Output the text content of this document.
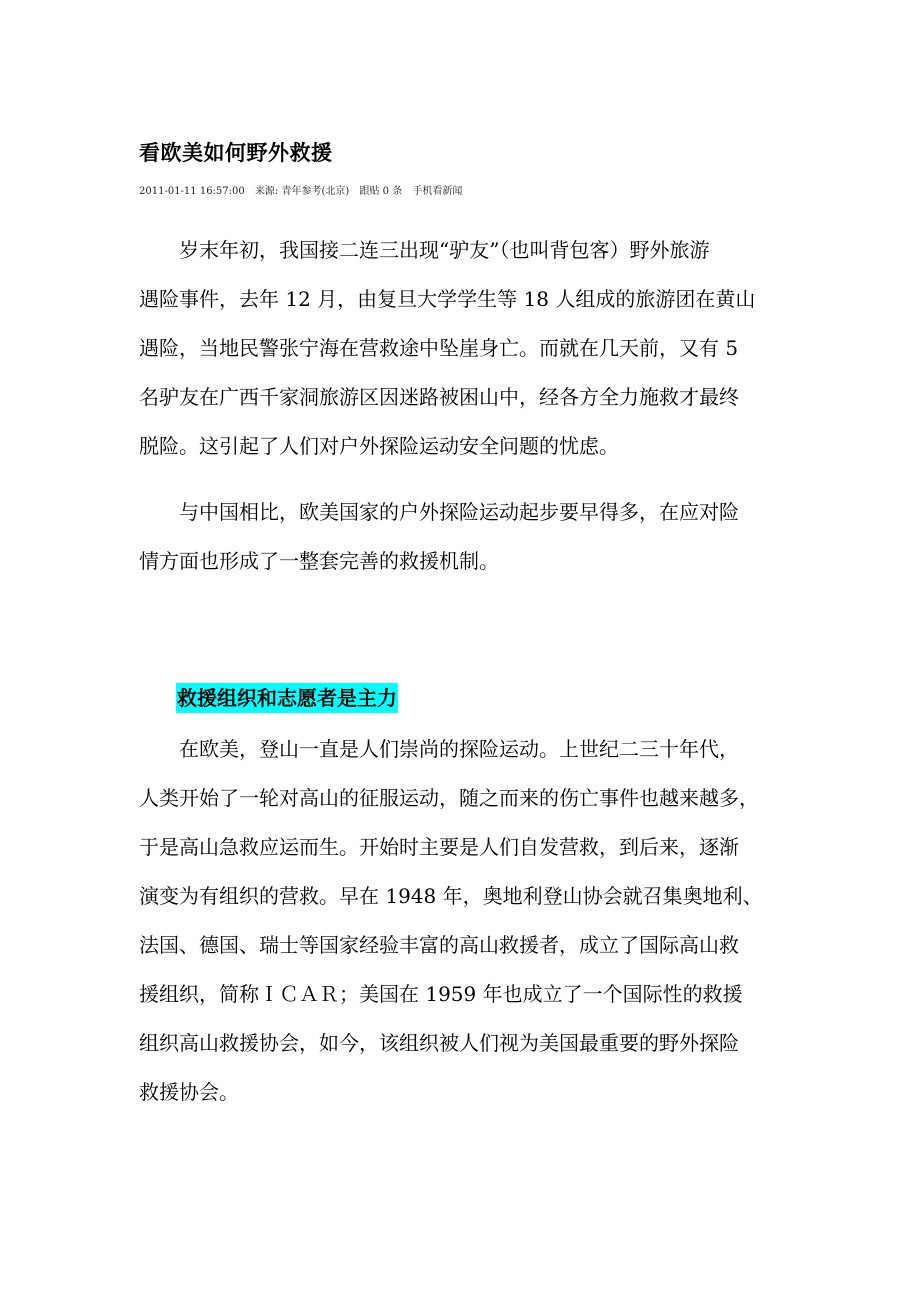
看欧美如何野外救援
2011-01-11 16:57:00 来源: 青年参考(北京) 跟贴 0 条 手机看新闻

　　岁末年初，我国接二连三出现“驴友”（也叫背包客）野外旅游
遇险事件，去年 12 月，由复旦大学学生等 18 人组成的旅游团在黄山
遇险，当地民警张宁海在营救途中坠崖身亡。而就在几天前，又有 5
名驴友在广西千家洞旅游区因迷路被困山中，经各方全力施救才最终
脱险。这引起了人们对户外探险运动安全问题的忧虑。

　　与中国相比，欧美国家的户外探险运动起步要早得多，在应对险
情方面也形成了一整套完善的救援机制。

救援组织和志愿者是主力

　　在欧美，登山一直是人们崇尚的探险运动。上世纪二三十年代，
人类开始了一轮对高山的征服运动，随之而来的伤亡事件也越来越多，
于是高山急救应运而生。开始时主要是人们自发营救，到后来，逐渐
演变为有组织的营救。早在 1948 年，奥地利登山协会就召集奥地利、
法国、德国、瑞士等国家经验丰富的高山救援者，成立了国际高山救
援组织，简称ＩＣＡＲ；美国在 1959 年也成立了一个国际性的救援
组织高山救援协会，如今，该组织被人们视为美国最重要的野外探险
救援协会。
